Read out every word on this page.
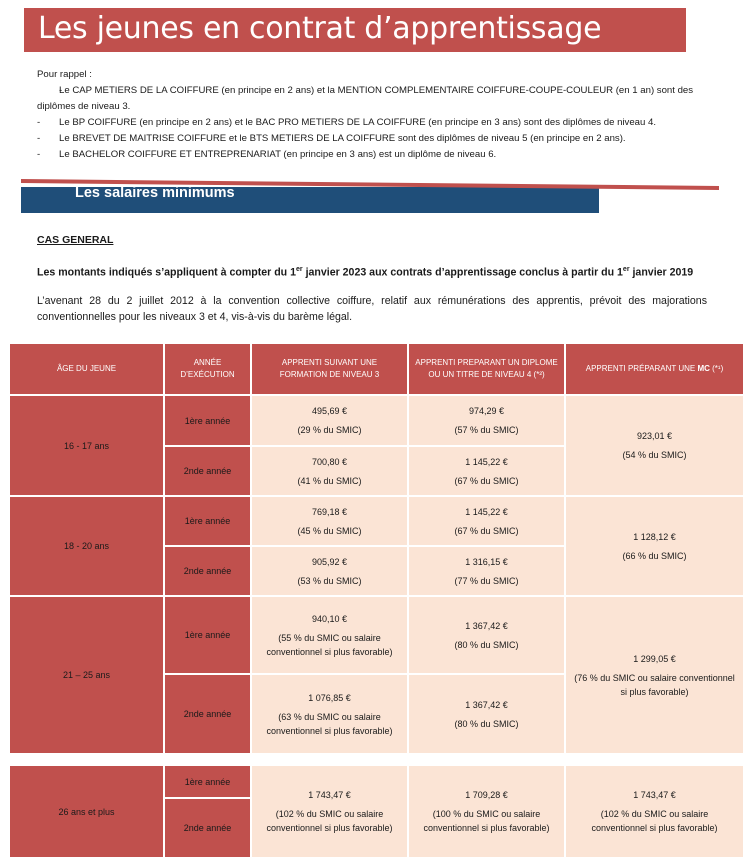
Les jeunes en contrat d’apprentissage
Pour rappel :
- Le CAP METIERS DE LA COIFFURE (en principe en 2 ans) et la MENTION COMPLEMENTAIRE COIFFURE-COUPE-COULEUR (en 1 an) sont des diplômes de niveau 3.
- Le BP COIFFURE (en principe en 2 ans) et le BAC PRO METIERS DE LA COIFFURE (en principe en 3 ans) sont des diplômes de niveau 4.
- Le BREVET DE MAITRISE COIFFURE et le BTS METIERS DE LA COIFFURE sont des diplômes de niveau 5 (en principe en 2 ans).
- Le BACHELOR COIFFURE ET ENTREPRENARIAT (en principe en 3 ans) est un diplôme de niveau 6.
Les salaires minimums
CAS GENERAL
Les montants indiqués s’appliquent à compter du 1er janvier 2023 aux contrats d’apprentissage conclus à partir du 1er janvier 2019
L’avenant 28 du 2 juillet 2012 à la convention collective coiffure, relatif aux rémunérations des apprentis, prévoit des majorations conventionnelles pour les niveaux 3 et 4, vis-à-vis du barème légal.
ÂGE DU JEUNE
ANNÉE
D’EXÉCUTION
APPRENTI SUIVANT UNE FORMATION DE NIVEAU 3
APPRENTI PREPARANT UN DIPLOME OU UN TITRE DE NIVEAU 4 (*²)
APPRENTI PRÉPARANT UNE MC (*¹)
16 - 17 ans
1ère année
2nde année

495,69 €

(29 % du SMIC)

700,80 €

(41 % du SMIC)

974,29 €

(57 % du SMIC)

1 145,22 €

(67 % du SMIC)

923,01 €

(54 % du SMIC)

18 - 20 ans
1ère année
2nde année

769,18 €

(45 % du SMIC)

905,92 €

(53 % du SMIC)

1 145,22 €

(67 % du SMIC)

1 316,15 €

(77 % du SMIC)

1 128,12 €

(66 % du SMIC)

21 – 25 ans
1ère année
2nde année

940,10 €

(55 % du SMIC ou salaire conventionnel si plus favorable)

1 076,85 €

(63 % du SMIC ou salaire conventionnel si plus favorable)

1 367,42 €

(80 % du SMIC)

1 367,42 €

(80 % du SMIC)

1 299,05 €

(76 % du SMIC ou salaire conventionnel si plus favorable)

26 ans et plus
1ère année
2nde année

1 743,47 €

(102 % du SMIC ou salaire conventionnel si plus favorable)

1 709,28 €

(100 % du SMIC ou salaire conventionnel si plus favorable)

1 743,47 €

(102 % du SMIC ou salaire conventionnel si plus favorable)
